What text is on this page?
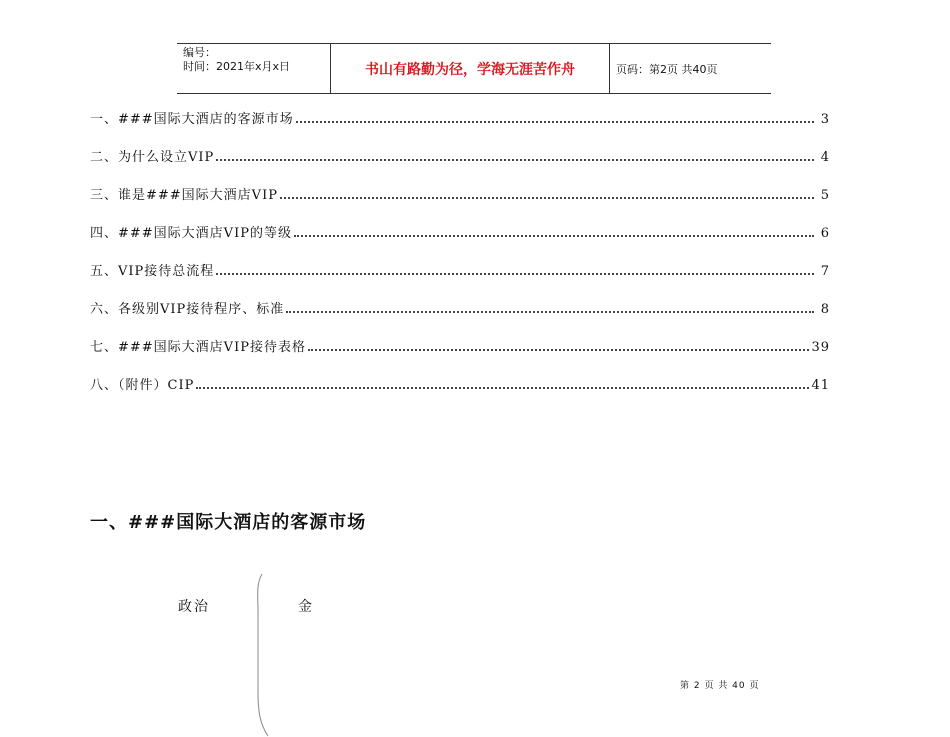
编号：
时间：2021年x月x日	书山有路勤为径，学海无涯苦作舟	页码：第2页 共40页
一、###国际大酒店的客源市场	3
二、为什么设立VIP	4
三、谁是###国际大酒店VIP	5
四、###国际大酒店VIP的等级	6
五、VIP接待总流程	7
六、各级别VIP接待程序、标准	8
七、###国际大酒店VIP接待表格	39
八、（附件）CIP	41
一、###国际大酒店的客源市场
政治	金
第 2 页 共 40 页
